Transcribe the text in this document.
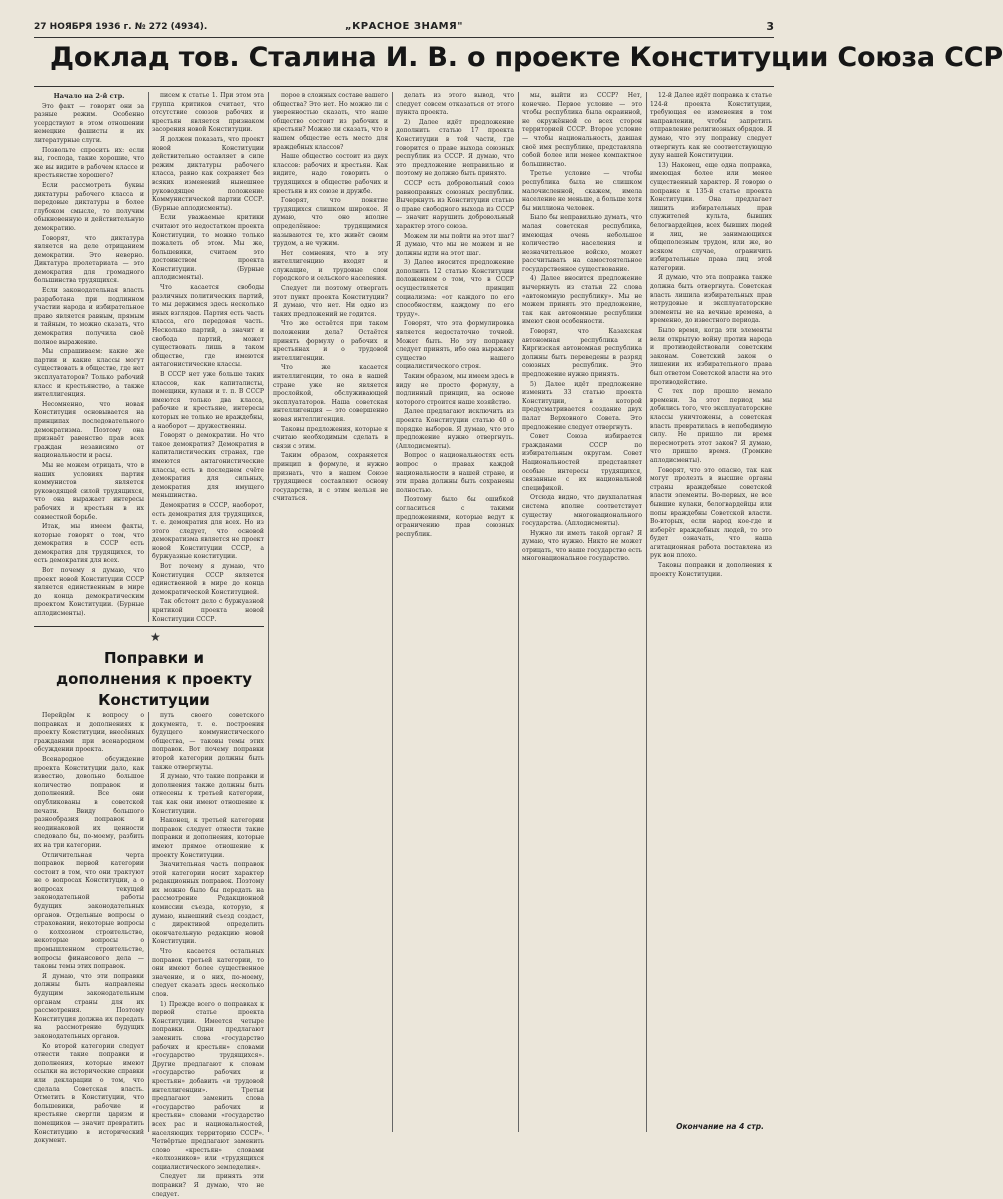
27 НОЯБРЯ 1936 г. № 272 (4934).	„КРАСНОЕ ЗНАМЯ"	3
Доклад тов. Сталина И. В. о проекте Конституции Союза ССР
Начало на 2-й стр.

Это факт — говорят они за разные режим. Особенно усердствуют в этом отношении немецкие фашисты и их литературные слуги.

Позвольте спросить их: если вы, господа, такие хорошие, что же вы видите в рабочем классе и крестьянстве хорошего?

Если рассмотреть буквы диктатуры рабочего класса и передовые диктатуры в более глубоком смысле, то получим обыкновенную и действительную демократию.

Говорят, что диктатура является на деле отрицанием демократии. Это неверно. Диктатура пролетариата — это демократия для громадного большинства трудящихся.

Если законодательная власть разработана при подлинном участии народа и избирательное право является равным, прямым и тайным, то можно сказать, что демократия получила своё полное выражение.

Мы спрашиваем: какие же партии и какие классы могут существовать в обществе, где нет эксплуататоров? Только рабочий класс и крестьянство, а также интеллигенция.

Несомненно, что новая Конституция основывается на принципах последовательного демократизма. Поэтому она признаёт равенство прав всех граждан независимо от национальности и расы.

Мы не можем отрицать, что в наших условиях партия коммунистов является руководящей силой трудящихся, что она выражает интересы рабочих и крестьян в их совместной борьбе.

Итак, мы имеем факты, которые говорят о том, что демократия в СССР есть демократия для трудящихся, то есть демократия для всех.

Вот почему я думаю, что проект новой Конституции СССР является единственным в мире до конца демократическим проектом Конституции. (Бурные аплодисменты).

писем к статье 1. При этом эта группа критиков считает, что отсутствие союзов рабочих и крестьян является признаком засорения новой Конституции.

Я должен показать, что проект новой Конституции действительно оставляет в силе режим диктатуры рабочего класса, равно как сохраняет без всяких изменений нынешнее руководящее положение Коммунистической партии СССР. (Бурные аплодисменты).

Если уважаемые критики считают это недостатком проекта Конституции, то можно только пожалеть об этом. Мы же, большевики, считаем это достоинством проекта Конституции. (Бурные аплодисменты).

Что касается свободы различных политических партий, то мы держимся здесь несколько иных взглядов. Партия есть часть класса, его передовая часть. Несколько партий, а значит и свобода партий, может существовать лишь в таком обществе, где имеются антагонистические классы.

В СССР нет уже больше таких классов, как капиталисты, помещики, кулаки и т. п. В СССР имеются только два класса, рабочие и крестьяне, интересы которых не только не враждебны, а наоборот — дружественны.

Говорят о демократии. Но что такое демократия? Демократия в капиталистических странах, где имеются антагонистические классы, есть в последнем счёте демократия для сильных, демократия для имущего меньшинства.

Демократия в СССР, наоборот, есть демократия для трудящихся, т. е. демократия для всех. Но из этого следует, что основой демократизма является не проект новой Конституции СССР, а буржуазные конституции.

Вот почему я думаю, что Конституция СССР является единственной в мире до конца демократической Конституцией.

Так обстоит дело с буржуазной критикой проекта новой Конституции СССР.

★
Поправки и дополнения к проекту Конституции

Перейдём к вопросу о поправках и дополнениях к проекту Конституции, внесённых гражданами при всенародном обсуждении проекта.

Всенародное обсуждение проекта Конституции дало, как известно, довольно большое количество поправок и дополнений. Все они опубликованы в советской печати. Ввиду большого разнообразия поправок и неодинаковой их ценности следовало бы, по-моему, разбить их на три категории.

Отличительная черта поправок первой категории состоит в том, что они трактуют не о вопросах Конституции, а о вопросах текущей законодательной работы будущих законодательных органов. Отдельные вопросы о страховании, некоторые вопросы о колхозном строительстве, некоторые вопросы о промышленном строительстве, вопросы финансового дела — таковы темы этих поправок.

Я думаю, что эти поправки должны быть направлены будущим законодательным органам страны для их рассмотрения. Поэтому Конституция должна их передать на рассмотрение будущих законодательных органов.

Ко второй категории следует отнести такие поправки и дополнения, которые имеют ссылки на исторические справки или декларации о том, что сделала Советская власть. Отметить в Конституции, что большевики, рабочие и крестьяне свергли царизм и помещиков — значит превратить Конституцию в исторический документ.

путь своего советского документа, т. е. построения будущего коммунистического общества, — таковы темы этих поправок. Вот почему поправки второй категории должны быть также отвергнуты.

Я думаю, что такие поправки и дополнения также должны быть отнесены к третьей категории, так как они имеют отношение к Конституции.

Наконец, к третьей категории поправок следует отнести такие поправки и дополнения, которые имеют прямое отношение к проекту Конституции.

Значительная часть поправок этой категории носит характер редакционных поправок. Поэтому их можно было бы передать на рассмотрение Редакционной комиссии съезда, которую, я думаю, нынешний съезд создаст, с директивой определить окончательную редакцию новой Конституции.

Что касается остальных поправок третьей категории, то они имеют более существенное значение, и о них, по-моему, следует сказать здесь несколько слов.

1) Прежде всего о поправках к первой статье проекта Конституции. Имеется четыре поправки. Одни предлагают заменить слова «государство рабочих и крестьян» словами «государство трудящихся». Другие предлагают к словам «государство рабочих и крестьян» добавить «и трудовой интеллигенции». Третьи предлагают заменить слова «государство рабочих и крестьян» словами «государство всех рас и национальностей, населяющих территорию СССР». Четвёртые предлагают заменить слово «крестьян» словами «колхозников» или «трудящихся социалистического земледелия».

Следует ли принять эти поправки? Я думаю, что не следует.

порое в сложных составе вашего общества? Это нет. Но можно ли с уверенностью сказать, что наше общество состоит из рабочих и крестьян? Можно ли сказать, что в нашем обществе есть место для враждебных классов?

Наше общество состоит из двух классов: рабочих и крестьян. Как видите, надо говорить о трудящихся в обществе рабочих и крестьян в их союзе и дружбе.

Говорят, что понятие трудящихся слишком широкое. Я думаю, что оно вполне определённое: трудящимися называются те, кто живёт своим трудом, а не чужим.

Нет сомнения, что в эту интеллигенцию входят и служащие, и трудовые слои городского и сельского населения.

Следует ли поэтому отвергать этот пункт проекта Конституции? Я думаю, что нет. Ни одно из таких предложений не годится.

Что же остаётся при таком положении дела? Остаётся принять формулу о рабочих и крестьянах и о трудовой интеллигенции.

Что же касается интеллигенции, то она в нашей стране уже не является прослойкой, обслуживающей эксплуататоров. Наша советская интеллигенция — это совершенно новая интеллигенция.

Таковы предложения, которые я считаю необходимым сделать в связи с этим.

Таким образом, сохраняется принцип в формуле, и нужно признать, что в нашем Союзе трудящиеся составляют основу государства, и с этим нельзя не считаться.

делать из этого вывод, что следует совсем отказаться от этого пункта проекта.

2) Далее идёт предложение дополнить статью 17 проекта Конституции в той части, где говорится о праве выхода союзных республик из СССР. Я думаю, что это предложение неправильно и поэтому не должно быть принято.

СССР есть добровольный союз равноправных союзных республик. Вычеркнуть из Конституции статью о праве свободного выхода из СССР — значит нарушить добровольный характер этого союза.

Можем ли мы пойти на этот шаг? Я думаю, что мы не можем и не должны идти на этот шаг.

3) Далее вносится предложение дополнить 12 статью Конституции положением о том, что в СССР осуществляется принцип социализма: «от каждого по его способностям, каждому по его труду».

Говорят, что эта формулировка является недостаточно точной. Может быть. Но эту поправку следует принять, ибо она выражает существо нашего социалистического строя.

Таким образом, мы имеем здесь в виду не просто формулу, а подлинный принцип, на основе которого строится наше хозяйство.

Далее предлагают исключить из проекта Конституции статью 40 о порядке выборов. Я думаю, что это предложение нужно отвергнуть. (Аплодисменты).

Вопрос о национальностях есть вопрос о правах каждой национальности в нашей стране, и эти права должны быть сохранены полностью.

Поэтому было бы ошибкой согласиться с такими предложениями, которые ведут к ограничению прав союзных республик.

мы, выйти из СССР? Нет, конечно. Первое условие — это чтобы республика была окраинной, не окружённой со всех сторон территорией СССР. Второе условие — чтобы национальность, давшая своё имя республике, представляла собой более или менее компактное большинство.

Третье условие — чтобы республика была не слишком малочисленной, скажем, имела население не меньше, а больше хотя бы миллиона человек.

Было бы неправильно думать, что малая советская республика, имеющая очень небольшое количество населения и незначительное войско, может рассчитывать на самостоятельное государственное существование.

4) Далее вносится предложение вычеркнуть из статьи 22 слова «автономную республику». Мы не можем принять это предложение, так как автономные республики имеют свои особенности.

Говорят, что Казахская автономная республика и Киргизская автономная республика должны быть переведены в разряд союзных республик. Это предложение нужно принять.

5) Далее идёт предложение изменить 33 статью проекта Конституции, в которой предусматривается создание двух палат Верховного Совета. Это предложение следует отвергнуть.

Совет Союза избирается гражданами СССР по избирательным округам. Совет Национальностей представляет особые интересы трудящихся, связанные с их национальной спецификой.

Отсюда видно, что двухпалатная система вполне соответствует существу многонационального государства. (Аплодисменты).

Нужно ли иметь такой орган? Я думаю, что нужно. Никто не может отрицать, что наше государство есть многонациональное государство.

12-й Далее идёт поправка к статье 124-й проекта Конституции, требующая ее изменения в том направлении, чтобы запретить отправление религиозных обрядов. Я думаю, что эту поправку следует отвергнуть как не соответствующую духу нашей Конституции.

13) Наконец, еще одна поправка, имеющая более или менее существенный характер. Я говорю о поправке к 135-й статье проекта Конституции. Она предлагает лишить избирательных прав служителей культа, бывших белогвардейцев, всех бывших людей и лиц, не занимающихся общеполезным трудом, или же, во всяком случае, ограничить избирательные права лиц этой категории.

Я думаю, что эта поправка также должна быть отвергнута. Советская власть лишила избирательных прав нетрудовые и эксплуататорские элементы не на вечные времена, а временно, до известного периода.

Было время, когда эти элементы вели открытую войну против народа и противодействовали советским законам. Советский закон о лишении их избирательного права был ответом Советской власти на это противодействие.

С тех пор прошло немало времени. За этот период мы добились того, что эксплуататорские классы уничтожены, а советская власть превратилась в непобедимую силу. Не пришло ли время пересмотреть этот закон? Я думаю, что пришло время. (Громкие аплодисменты).

Говорят, что это опасно, так как могут пролезть в высшие органы страны враждебные советской власти элементы. Во-первых, не все бывшие кулаки, белогвардейцы или попы враждебны Советской власти. Во-вторых, если народ кое-где и изберёт враждебных людей, то это будет означать, что наша агитационная работа поставлена из рук вон плохо.

Таковы поправки и дополнения к проекту Конституции.

Окончание на 4 стр.
